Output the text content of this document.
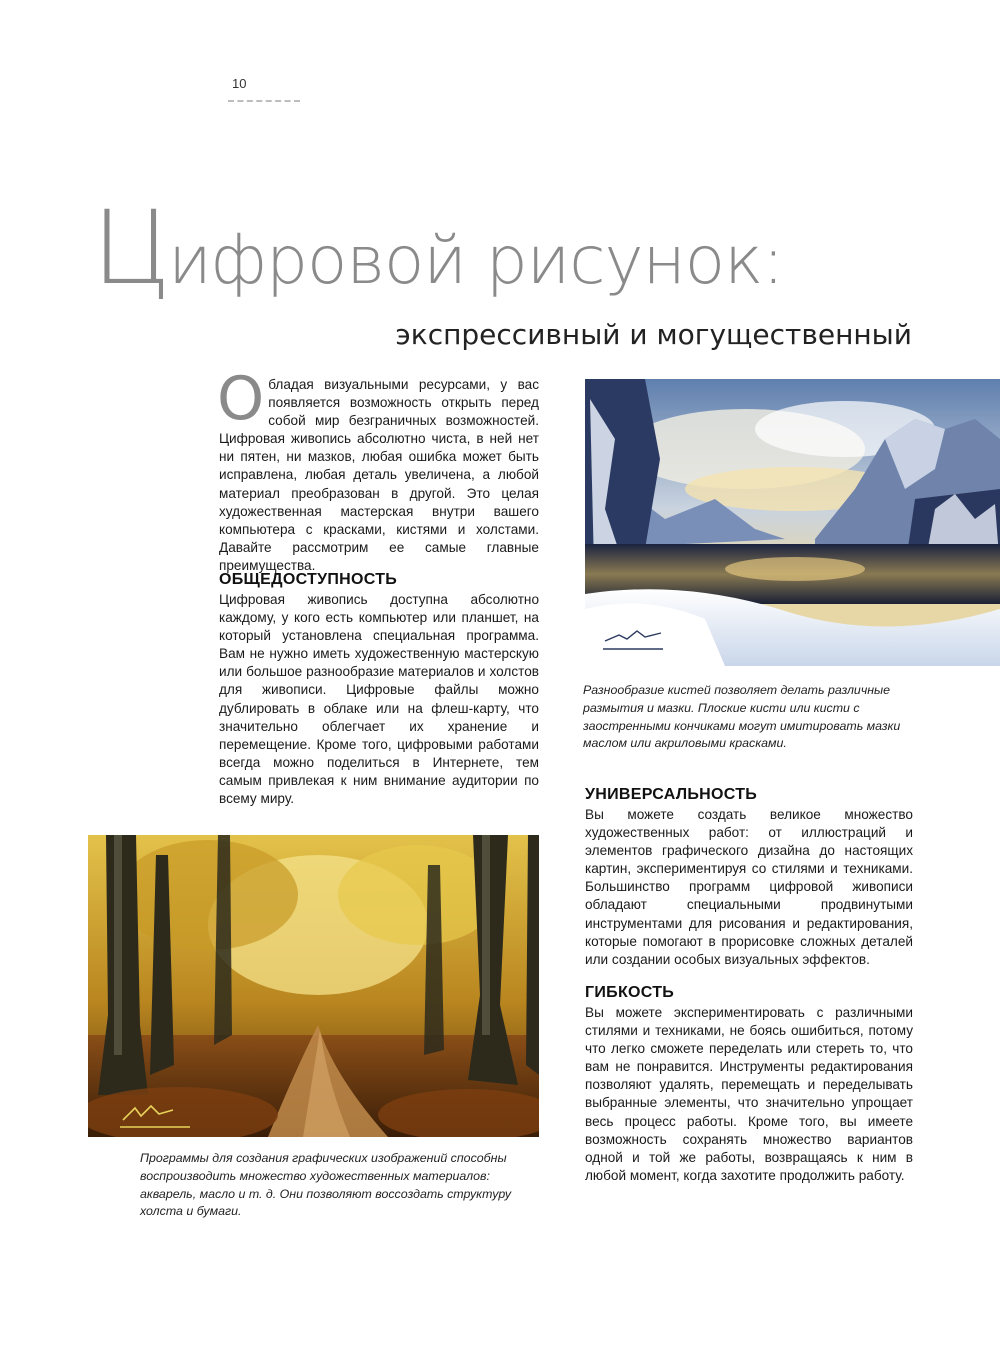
10
Цифровой рисунок:
экспрессивный и могущественный
Обладая визуальными ресурсами, у вас появляется возможность открыть перед собой мир безграничных возможностей. Цифровая живопись абсолютно чиста, в ней нет ни пятен, ни мазков, любая ошибка может быть исправлена, любая деталь увеличена, а любой материал преобразован в другой. Это целая художественная мастерская внутри вашего компьютера с красками, кистями и холстами. Давайте рассмотрим ее самые главные преимущества.
ОБЩЕДОСТУПНОСТЬ
Цифровая живопись доступна абсолютно каждому, у кого есть компьютер или планшет, на который установлена специальная программа. Вам не нужно иметь художественную мастерскую или большое разнообразие материалов и холстов для живописи. Цифровые файлы можно дублировать в облаке или на флеш-карту, что значительно облегчает их хранение и перемещение. Кроме того, цифровыми работами всегда можно поделиться в Интернете, тем самым привлекая к ним внимание аудитории по всему миру.	УНИВЕРСАЛЬНОСТЬ
Вы можете создать великое множество художественных работ: от иллюстраций и элементов графического дизайна до настоящих картин, экспериментируя со стилями и техниками. Большинство программ цифровой живописи обладают специальными продвинутыми инструментами для рисования и редактирования, которые помогают в прорисовке сложных деталей или создании особых визуальных эффектов.
ГИБКОСТЬ
Вы можете экспериментировать с различными стилями и техниками, не боясь ошибиться, потому что легко сможете переделать или стереть то, что вам не понравится. Инструменты редактирования позволяют удалять, перемещать и переделывать выбранные элементы, что значительно упрощает весь процесс работы. Кроме того, вы имеете возможность сохранять множество вариантов одной и той же работы, возвращаясь к ним в любой момент, когда захотите продолжить работу.
Разнообразие кистей позволяет делать различные размытия и мазки. Плоские кисти или кисти с заостренными кончиками могут имитировать мазки маслом или акриловыми красками.
Программы для создания графических изображений способны воспроизводить множество художественных материалов: акварель, масло и т. д. Они позволяют воссоздать структуру холста и бумаги.
